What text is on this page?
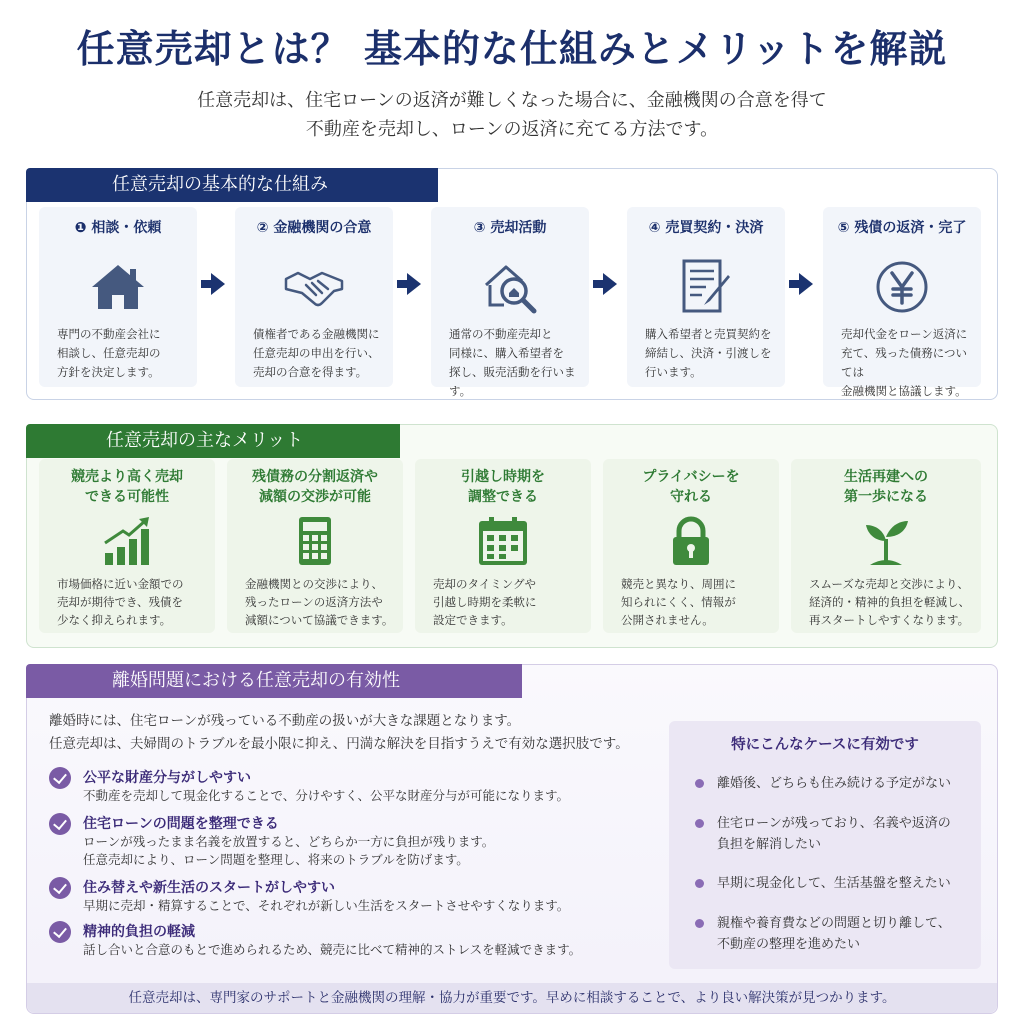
任意売却とは？ 基本的な仕組みとメリットを解説

任意売却は、住宅ローンの返済が難しくなった場合に、金融機関の合意を得て

不動産を売却し、ローンの返済に充てる方法です。

任意売却の基本的な仕組み
❶ 相談・依頼
専門の不動産会社に
相談し、任意売却の
方針を決定します。
② 金融機関の合意
債権者である金融機関に
任意売却の申出を行い、
売却の合意を得ます。
③ 売却活動
通常の不動産売却と
同様に、購入希望者を
探し、販売活動を行います。
④ 売買契約・決済
購入希望者と売買契約を
締結し、決済・引渡しを
行います。
⑤ 残債の返済・完了
売却代金をローン返済に
充て、残った債務については
金融機関と協議します。
任意売却の主なメリット
競売より高く売却
できる可能性
市場価格に近い金額での
売却が期待でき、残債を
少なく抑えられます。
残債務の分割返済や
減額の交渉が可能
金融機関との交渉により、
残ったローンの返済方法や
減額について協議できます。
引越し時期を
調整できる
売却のタイミングや
引越し時期を柔軟に
設定できます。
プライバシーを
守れる
競売と異なり、周囲に
知られにくく、情報が
公開されません。
生活再建への
第一歩になる
スムーズな売却と交渉により、
経済的・精神的負担を軽減し、
再スタートしやすくなります。
離婚問題における任意売却の有効性

離婚時には、住宅ローンが残っている不動産の扱いが大きな課題となります。

任意売却は、夫婦間のトラブルを最小限に抑え、円満な解決を目指すうえで有効な選択肢です。

公平な財産分与がしやすい
不動産を売却して現金化することで、分けやすく、公平な財産分与が可能になります。
住宅ローンの問題を整理できる
ローンが残ったまま名義を放置すると、どちらか一方に負担が残ります。
任意売却により、ローン問題を整理し、将来のトラブルを防げます。
住み替えや新生活のスタートがしやすい
早期に売却・精算することで、それぞれが新しい生活をスタートさせやすくなります。
精神的負担の軽減
話し合いと合意のもとで進められるため、競売に比べて精神的ストレスを軽減できます。
特にこんなケースに有効です
離婚後、どちらも住み続ける予定がない
住宅ローンが残っており、名義や返済の
負担を解消したい
早期に現金化して、生活基盤を整えたい
親権や養育費などの問題と切り離して、
不動産の整理を進めたい
任意売却は、専門家のサポートと金融機関の理解・協力が重要です。早めに相談することで、より良い解決策が見つかります。
